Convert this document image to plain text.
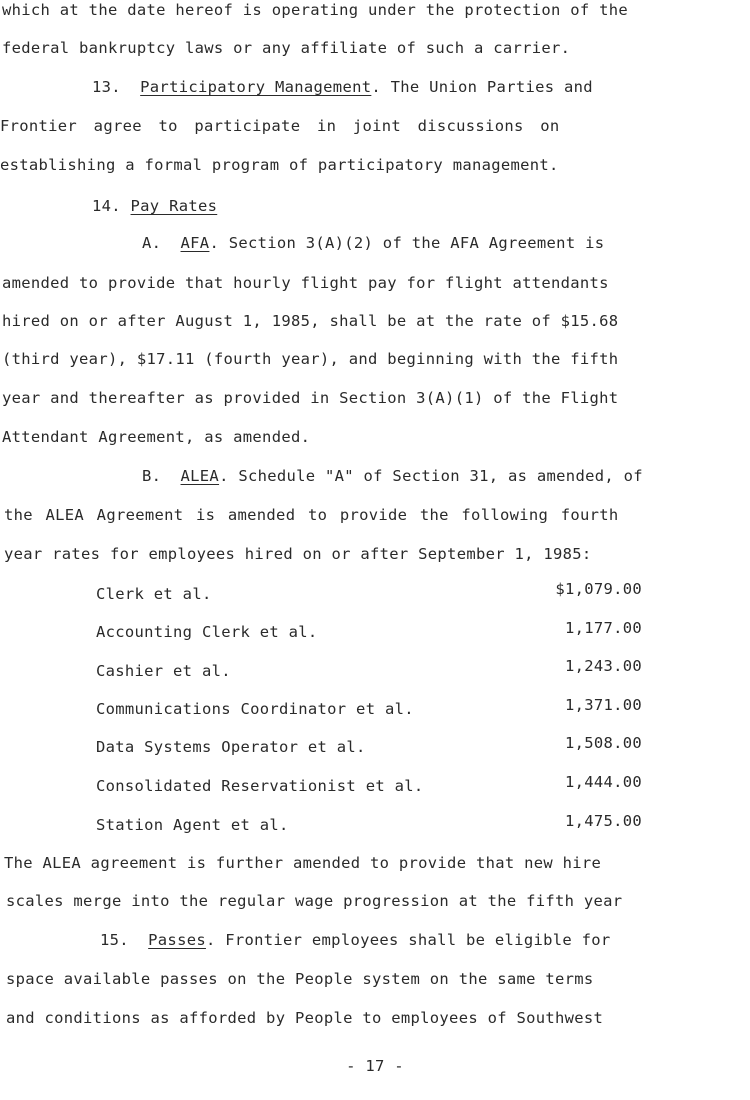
which at the date hereof is operating under the protection of the
federal bankruptcy laws or any affiliate of such a carrier.
13. Participatory Management. The Union Parties and
Frontier agree to participate in joint discussions on
establishing a formal program of participatory management.
14. Pay Rates
A. AFA. Section 3(A)(2) of the AFA Agreement is
amended to provide that hourly flight pay for flight attendants
hired on or after August 1, 1985, shall be at the rate of $15.68
(third year), $17.11 (fourth year), and beginning with the fifth
year and thereafter as provided in Section 3(A)(1) of the Flight
Attendant Agreement, as amended.
B. ALEA. Schedule "A" of Section 31, as amended, of
the ALEA Agreement is amended to provide the following fourth
year rates for employees hired on or after September 1, 1985:
Clerk et al.	$1,079.00
Accounting Clerk et al.	1,177.00
Cashier et al.	1,243.00
Communications Coordinator et al.	1,371.00
Data Systems Operator et al.	1,508.00
Consolidated Reservationist et al.	1,444.00
Station Agent et al.	1,475.00
The ALEA agreement is further amended to provide that new hire
scales merge into the regular wage progression at the fifth year
15. Passes. Frontier employees shall be eligible for
space available passes on the People system on the same terms
and conditions as afforded by People to employees of Southwest
- 17 -
